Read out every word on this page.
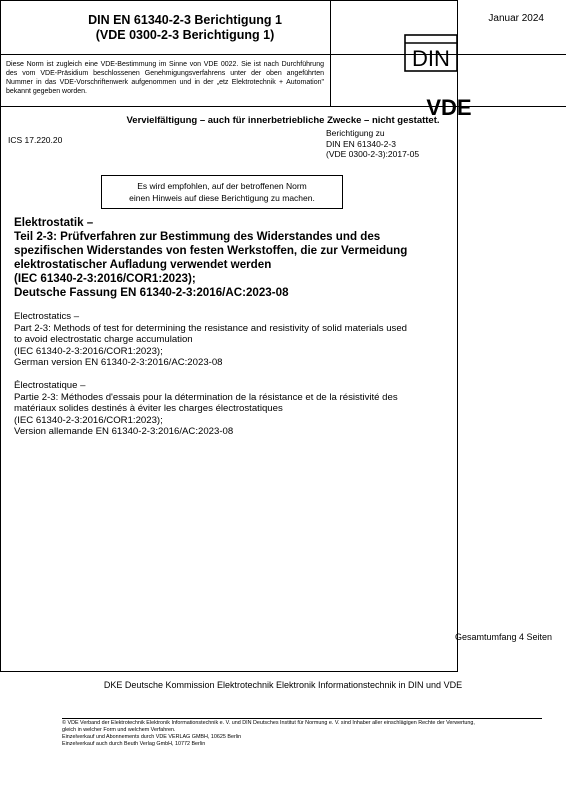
Januar 2024
DIN EN 61340-2-3 Berichtigung 1
(VDE 0300-2-3 Berichtigung 1)
Diese Norm ist zugleich eine VDE-Bestimmung im Sinne von VDE 0022. Sie ist nach Durchführung des vom VDE-Präsidium beschlossenen Genehmigungsverfahrens unter der oben angeführten Nummer in das VDE-Vorschriftenwerk aufgenommen und in der „etz Elektrotechnik + Automation" bekannt gegeben worden.
Vervielfältigung – auch für innerbetriebliche Zwecke – nicht gestattet.
ICS 17.220.20
Berichtigung zu
DIN EN 61340-2-3
(VDE 0300-2-3):2017-05
Es wird empfohlen, auf der betroffenen Norm
einen Hinweis auf diese Berichtigung zu machen.
Elektrostatik –
Teil 2-3: Prüfverfahren zur Bestimmung des Widerstandes und des
spezifischen Widerstandes von festen Werkstoffen, die zur Vermeidung
elektrostatischer Aufladung verwendet werden
(IEC 61340-2-3:2016/COR1:2023);
Deutsche Fassung EN 61340-2-3:2016/AC:2023-08
Electrostatics –
Part 2-3: Methods of test for determining the resistance and resistivity of solid materials used
to avoid electrostatic charge accumulation
(IEC 61340-2-3:2016/COR1:2023);
German version EN 61340-2-3:2016/AC:2023-08
Électrostatique –
Partie 2-3: Méthodes d'essais pour la détermination de la résistance et de la résistivité des
matériaux solides destinés à éviter les charges électrostatiques
(IEC 61340-2-3:2016/COR1:2023);
Version allemande EN 61340-2-3:2016/AC:2023-08
Gesamtumfang 4 Seiten
DIN
VDE
DKE Deutsche Kommission Elektrotechnik Elektronik Informationstechnik in DIN und VDE
© VDE Verband der Elektrotechnik Elektronik Informationstechnik e. V. und DIN Deutsches Institut für Normung e. V. sind Inhaber aller einschlägigen Rechte der Verwertung,
gleich in welcher Form und welchem Verfahren.
Einzelverkauf und Abonnements durch VDE VERLAG GMBH, 10625 Berlin
Einzelverkauf auch durch Beuth Verlag GmbH, 10772 Berlin
